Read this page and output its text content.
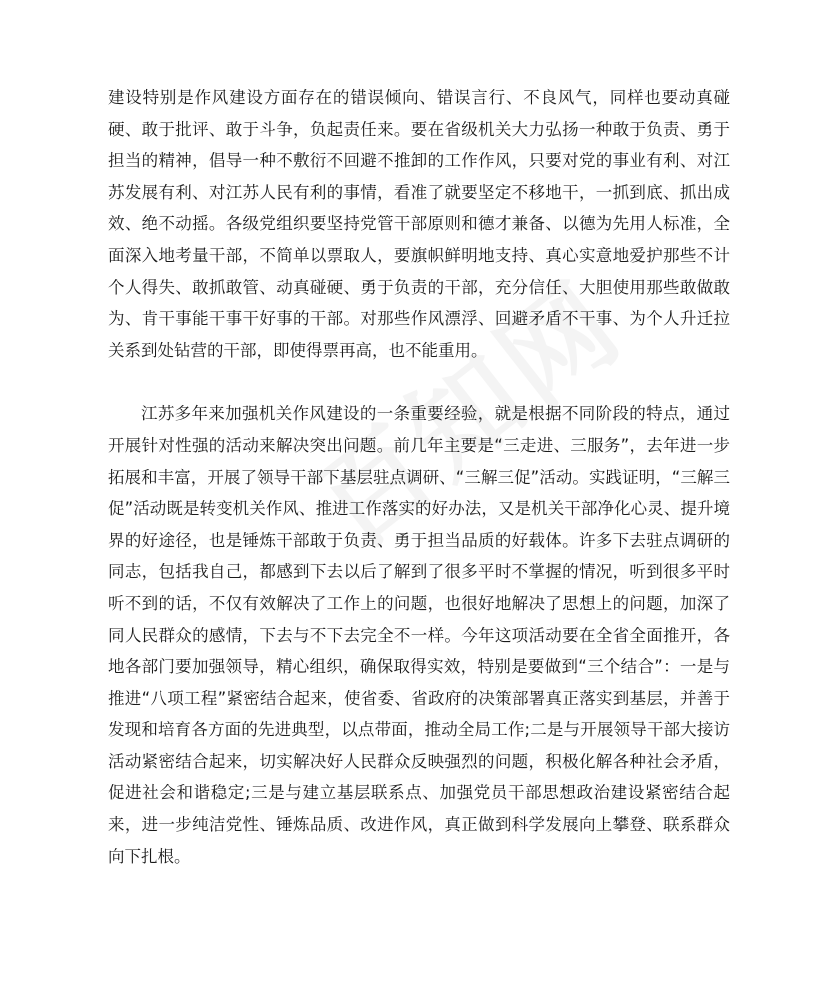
建设特别是作风建设方面存在的错误倾向、错误言行、不良风气，同样也要动真碰硬、敢于批评、敢于斗争，负起责任来。要在省级机关大力弘扬一种敢于负责、勇于担当的精神，倡导一种不敷衍不回避不推卸的工作作风，只要对党的事业有利、对江苏发展有利、对江苏人民有利的事情，看准了就要坚定不移地干，一抓到底、抓出成效、绝不动摇。各级党组织要坚持党管干部原则和德才兼备、以德为先用人标准，全面深入地考量干部，不简单以票取人，要旗帜鲜明地支持、真心实意地爱护那些不计个人得失、敢抓敢管、动真碰硬、勇于负责的干部，充分信任、大胆使用那些敢做敢为、肯干事能干事干好事的干部。对那些作风漂浮、回避矛盾不干事、为个人升迁拉关系到处钻营的干部，即使得票再高，也不能重用。

江苏多年来加强机关作风建设的一条重要经验，就是根据不同阶段的特点，通过开展针对性强的活动来解决突出问题。前几年主要是“三走进、三服务”，去年进一步拓展和丰富，开展了领导干部下基层驻点调研、“三解三促”活动。实践证明，“三解三促”活动既是转变机关作风、推进工作落实的好办法，又是机关干部净化心灵、提升境界的好途径，也是锤炼干部敢于负责、勇于担当品质的好载体。许多下去驻点调研的同志，包括我自己，都感到下去以后了解到了很多平时不掌握的情况，听到很多平时听不到的话，不仅有效解决了工作上的问题，也很好地解决了思想上的问题，加深了同人民群众的感情，下去与不下去完全不一样。今年这项活动要在全省全面推开，各地各部门要加强领导，精心组织，确保取得实效，特别是要做到“三个结合”：一是与推进“八项工程”紧密结合起来，使省委、省政府的决策部署真正落实到基层，并善于发现和培育各方面的先进典型，以点带面，推动全局工作;二是与开展领导干部大接访活动紧密结合起来，切实解决好人民群众反映强烈的问题，积极化解各种社会矛盾，促进社会和谐稳定;三是与建立基层联系点、加强党员干部思想政治建设紧密结合起来，进一步纯洁党性、锤炼品质、改进作风，真正做到科学发展向上攀登、联系群众向下扎根。
